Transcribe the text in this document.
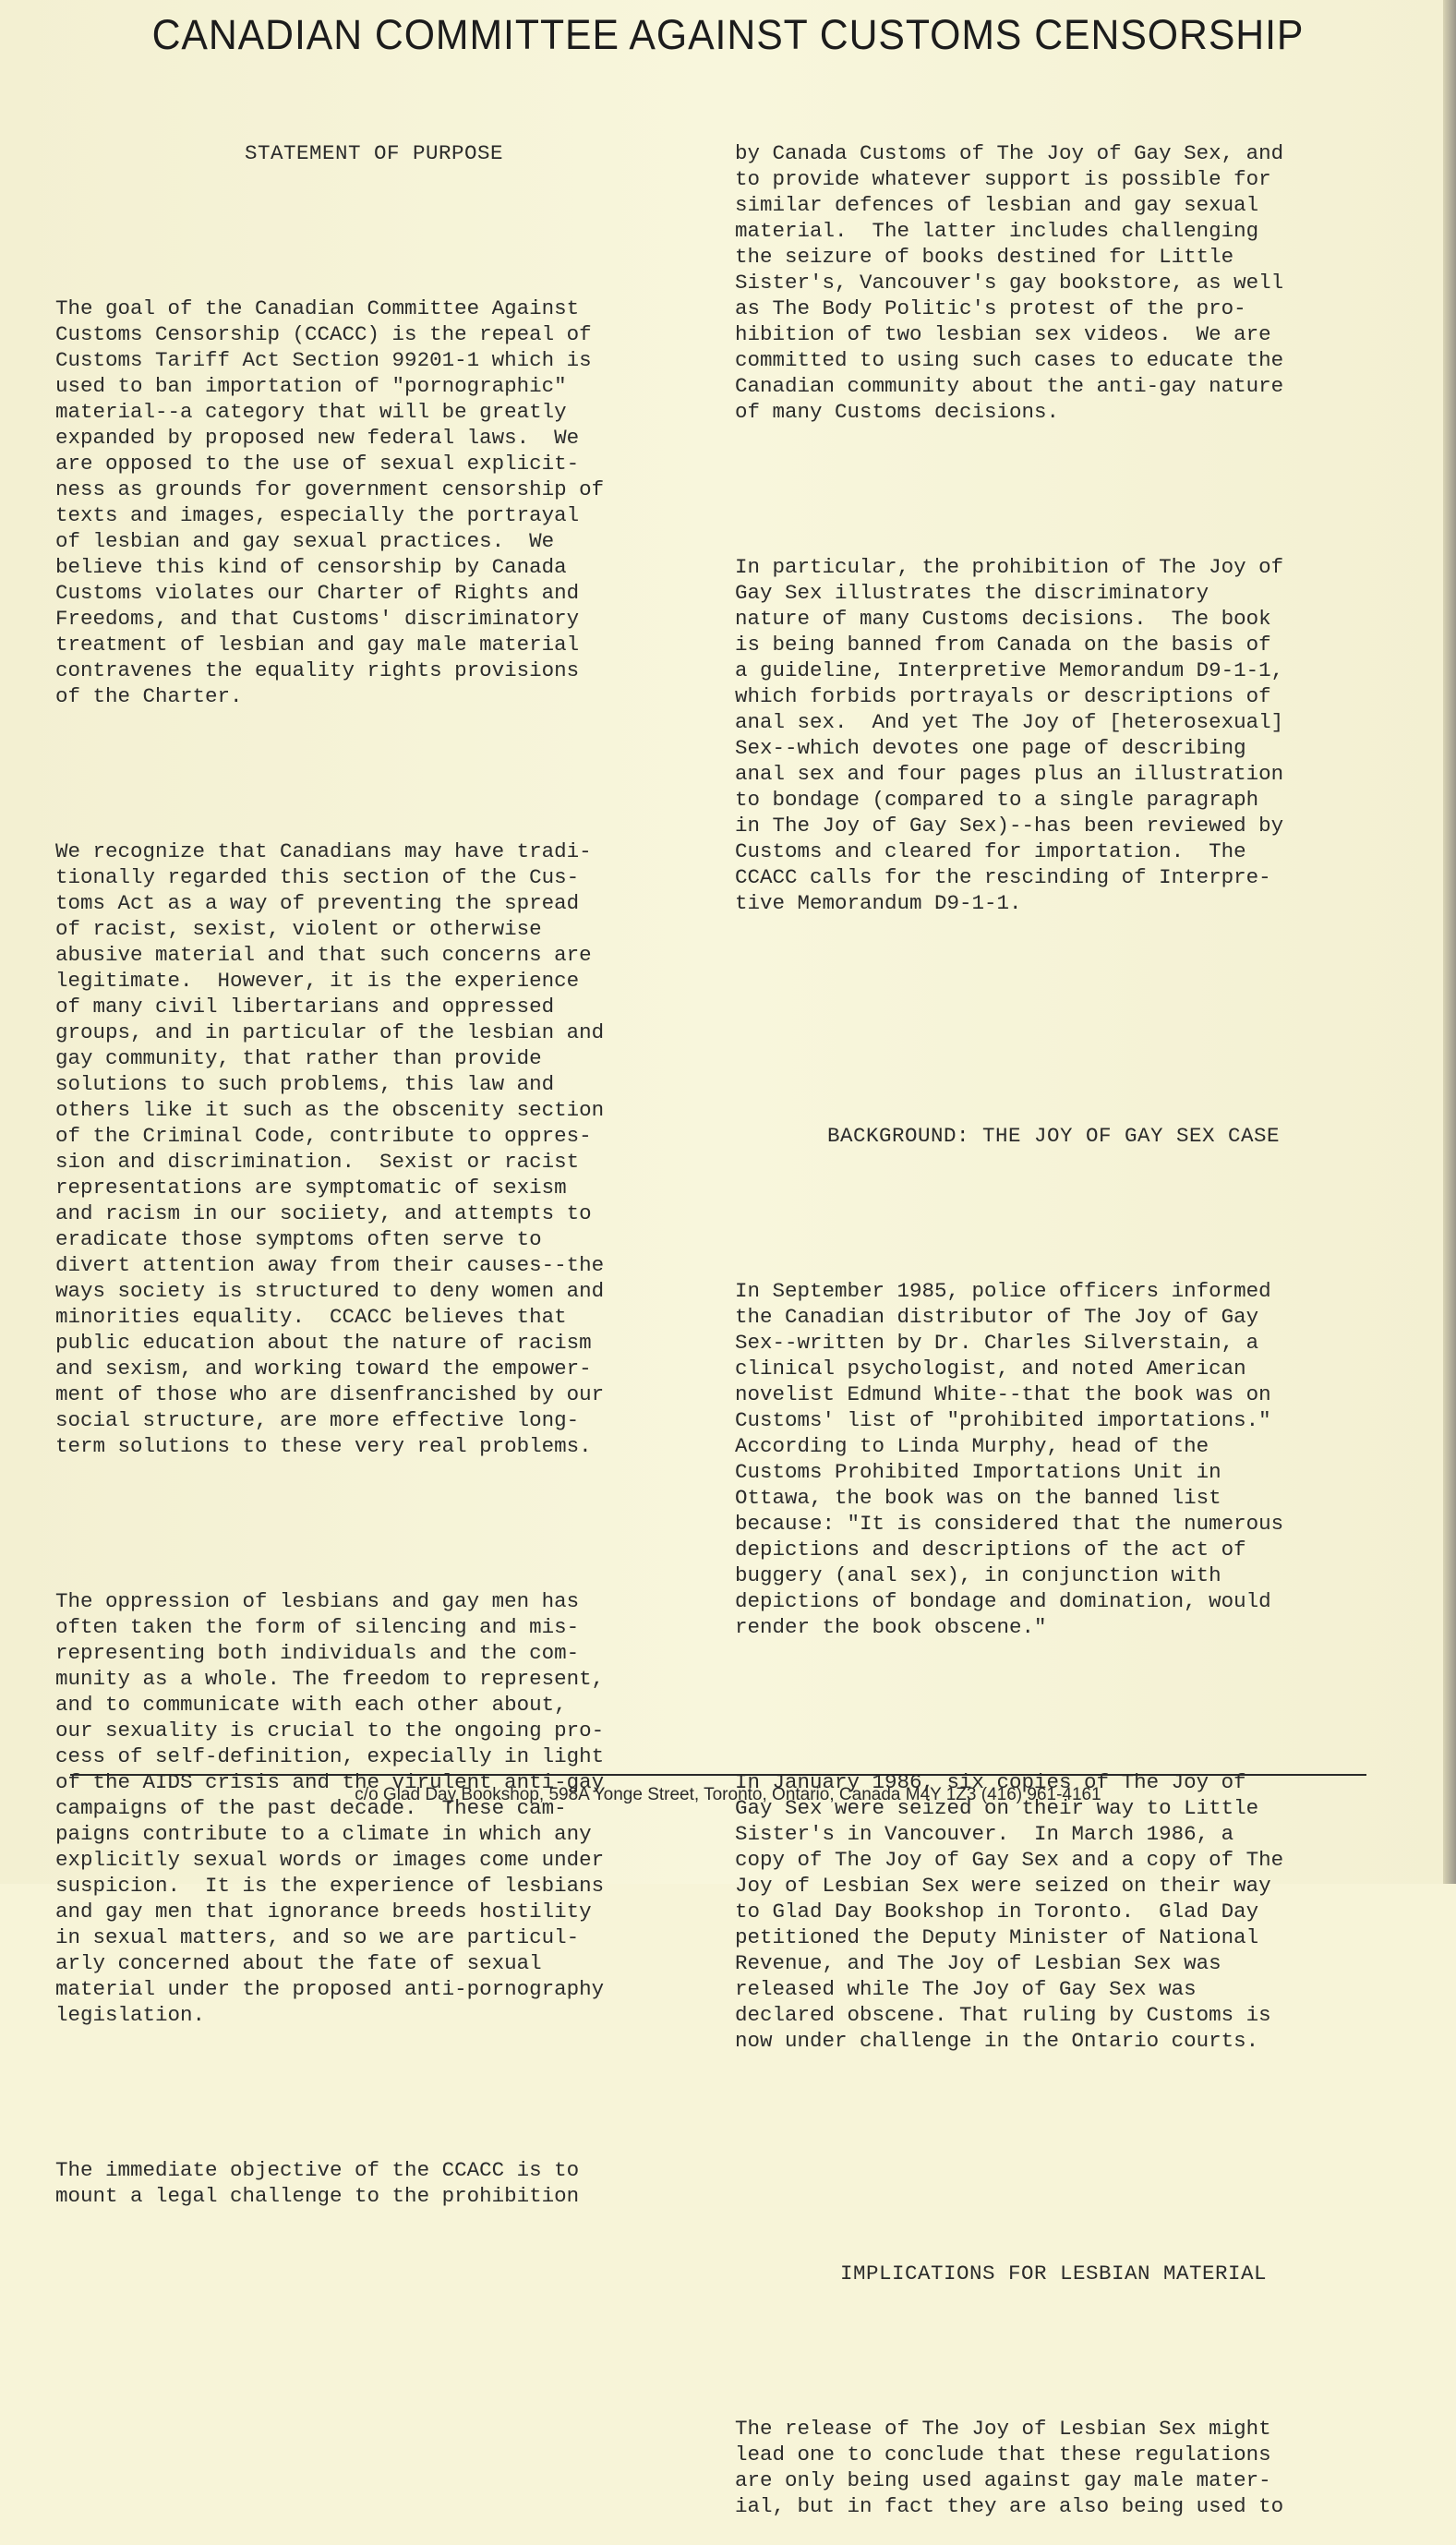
CANADIAN COMMITTEE AGAINST CUSTOMS CENSORSHIP

STATEMENT OF PURPOSE

The goal of the Canadian Committee Against
Customs Censorship (CCACC) is the repeal of
Customs Tariff Act Section 99201-1 which is
used to ban importation of "pornographic"
material--a category that will be greatly
expanded by proposed new federal laws.  We
are opposed to the use of sexual explicit-
ness as grounds for government censorship of
texts and images, especially the portrayal
of lesbian and gay sexual practices.  We
believe this kind of censorship by Canada
Customs violates our Charter of Rights and
Freedoms, and that Customs' discriminatory
treatment of lesbian and gay male material
contravenes the equality rights provisions
of the Charter.

We recognize that Canadians may have tradi-
tionally regarded this section of the Cus-
toms Act as a way of preventing the spread
of racist, sexist, violent or otherwise
abusive material and that such concerns are
legitimate.  However, it is the experience
of many civil libertarians and oppressed
groups, and in particular of the lesbian and
gay community, that rather than provide
solutions to such problems, this law and
others like it such as the obscenity section
of the Criminal Code, contribute to oppres-
sion and discrimination.  Sexist or racist
representations are symptomatic of sexism
and racism in our sociiety, and attempts to
eradicate those symptoms often serve to
divert attention away from their causes--the
ways society is structured to deny women and
minorities equality.  CCACC believes that
public education about the nature of racism
and sexism, and working toward the empower-
ment of those who are disenfrancished by our
social structure, are more effective long-
term solutions to these very real problems.

The oppression of lesbians and gay men has
often taken the form of silencing and mis-
representing both individuals and the com-
munity as a whole. The freedom to represent,
and to communicate with each other about,
our sexuality is crucial to the ongoing pro-
cess of self-definition, expecially in light
of the AIDS crisis and the virulent anti-gay
campaigns of the past decade.  These cam-
paigns contribute to a climate in which any
explicitly sexual words or images come under
suspicion.  It is the experience of lesbians
and gay men that ignorance breeds hostility
in sexual matters, and so we are particul-
arly concerned about the fate of sexual
material under the proposed anti-pornography
legislation.

The immediate objective of the CCACC is to
mount a legal challenge to the prohibition

by Canada Customs of The Joy of Gay Sex, and
to provide whatever support is possible for
similar defences of lesbian and gay sexual
material.  The latter includes challenging
the seizure of books destined for Little
Sister's, Vancouver's gay bookstore, as well
as The Body Politic's protest of the pro-
hibition of two lesbian sex videos.  We are
committed to using such cases to educate the
Canadian community about the anti-gay nature
of many Customs decisions.

In particular, the prohibition of The Joy of
Gay Sex illustrates the discriminatory
nature of many Customs decisions.  The book
is being banned from Canada on the basis of
a guideline, Interpretive Memorandum D9-1-1,
which forbids portrayals or descriptions of
anal sex.  And yet The Joy of [heterosexual]
Sex--which devotes one page of describing
anal sex and four pages plus an illustration
to bondage (compared to a single paragraph
in The Joy of Gay Sex)--has been reviewed by
Customs and cleared for importation.  The
CCACC calls for the rescinding of Interpre-
tive Memorandum D9-1-1.

BACKGROUND: THE JOY OF GAY SEX CASE

In September 1985, police officers informed
the Canadian distributor of The Joy of Gay
Sex--written by Dr. Charles Silverstain, a
clinical psychologist, and noted American
novelist Edmund White--that the book was on
Customs' list of "prohibited importations."
According to Linda Murphy, head of the
Customs Prohibited Importations Unit in
Ottawa, the book was on the banned list
because: "It is considered that the numerous
depictions and descriptions of the act of
buggery (anal sex), in conjunction with
depictions of bondage and domination, would
render the book obscene."

In January 1986, six copies of The Joy of
Gay Sex were seized on their way to Little
Sister's in Vancouver.  In March 1986, a
copy of The Joy of Gay Sex and a copy of The
Joy of Lesbian Sex were seized on their way
to Glad Day Bookshop in Toronto.  Glad Day
petitioned the Deputy Minister of National
Revenue, and The Joy of Lesbian Sex was
released while The Joy of Gay Sex was
declared obscene. That ruling by Customs is
now under challenge in the Ontario courts.

IMPLICATIONS FOR LESBIAN MATERIAL

The release of The Joy of Lesbian Sex might
lead one to conclude that these regulations
are only being used against gay male mater-
ial, but in fact they are also being used to

c/o Glad Day Bookshop, 598A Yonge Street, Toronto, Ontario, Canada M4Y 1Z3 (416) 961-4161
